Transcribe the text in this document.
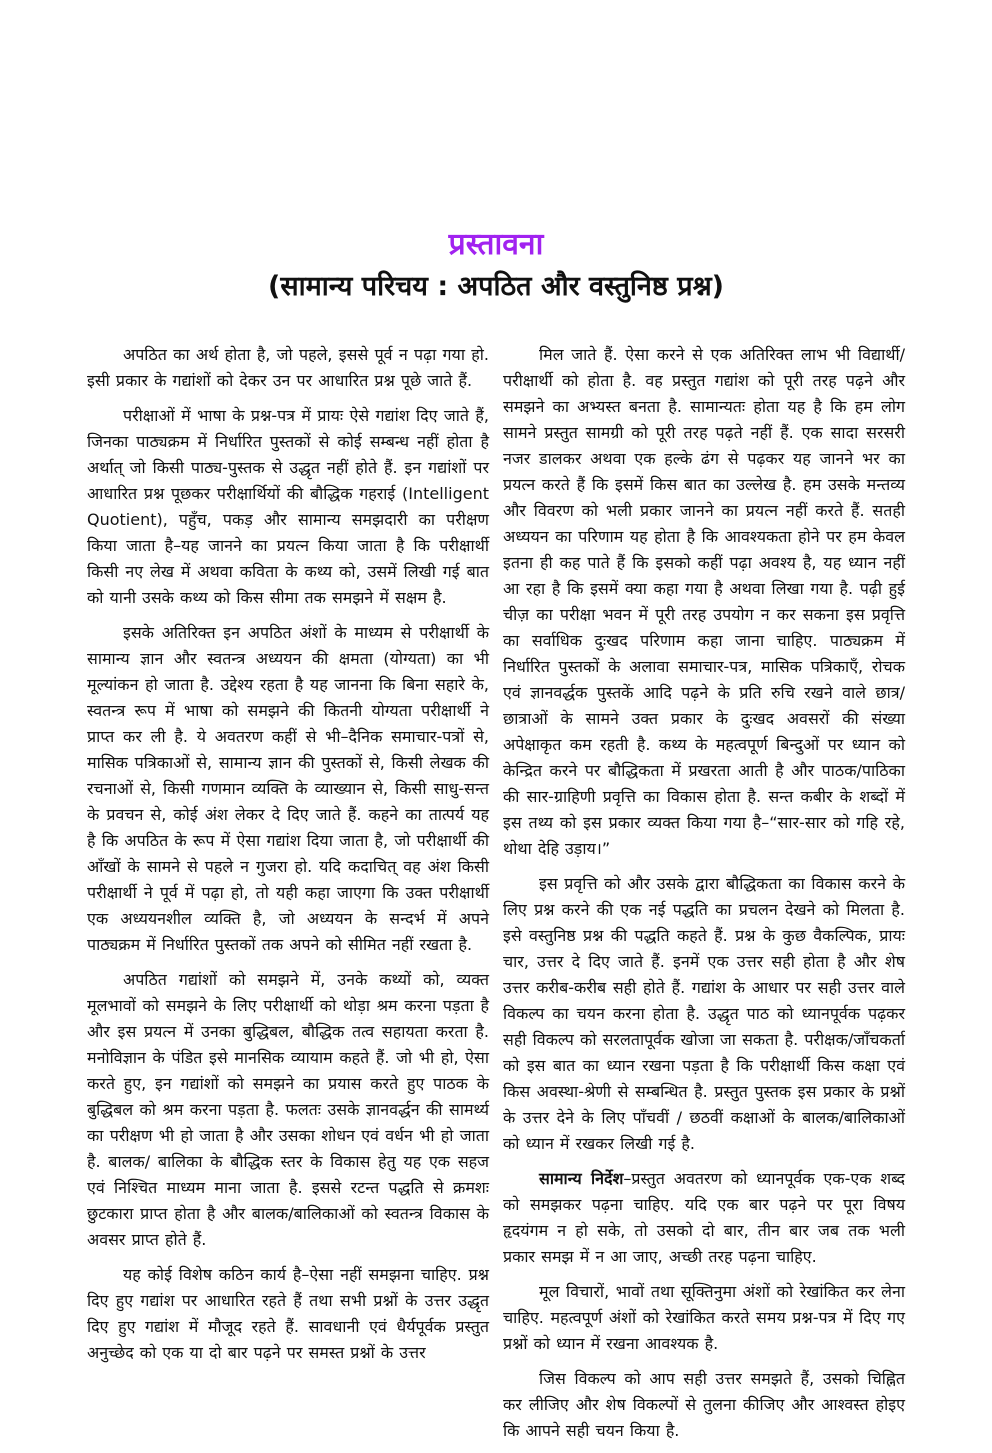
प्रस्तावना
(सामान्य परिचय : अपठित और वस्तुनिष्ठ प्रश्न)

अपठित का अर्थ होता है, जो पहले, इससे पूर्व न पढ़ा गया हो. इसी प्रकार के गद्यांशों को देकर उन पर आधारित प्रश्न पूछे जाते हैं.

परीक्षाओं में भाषा के प्रश्न-पत्र में प्रायः ऐसे गद्यांश दिए जाते हैं, जिनका पाठ्यक्रम में निर्धारित पुस्तकों से कोई सम्बन्ध नहीं होता है अर्थात् जो किसी पाठ्य-पुस्तक से उद्धृत नहीं होते हैं. इन गद्यांशों पर आधारित प्रश्न पूछकर परीक्षार्थियों की बौद्धिक गहराई (Intelligent Quotient), पहुँच, पकड़ और सामान्य समझदारी का परीक्षण किया जाता है–यह जानने का प्रयत्न किया जाता है कि परीक्षार्थी किसी नए लेख में अथवा कविता के कथ्य को, उसमें लिखी गई बात को यानी उसके कथ्य को किस सीमा तक समझने में सक्षम है.

इसके अतिरिक्त इन अपठित अंशों के माध्यम से परीक्षार्थी के सामान्य ज्ञान और स्वतन्त्र अध्ययन की क्षमता (योग्यता) का भी मूल्यांकन हो जाता है. उद्देश्य रहता है यह जानना कि बिना सहारे के, स्वतन्त्र रूप में भाषा को समझने की कितनी योग्यता परीक्षार्थी ने प्राप्त कर ली है. ये अवतरण कहीं से भी–दैनिक समाचार-पत्रों से, मासिक पत्रिकाओं से, सामान्य ज्ञान की पुस्तकों से, किसी लेखक की रचनाओं से, किसी गणमान व्यक्ति के व्याख्यान से, किसी साधु-सन्त के प्रवचन से, कोई अंश लेकर दे दिए जाते हैं. कहने का तात्पर्य यह है कि अपठित के रूप में ऐसा गद्यांश दिया जाता है, जो परीक्षार्थी की आँखों के सामने से पहले न गुजरा हो. यदि कदाचित् वह अंश किसी परीक्षार्थी ने पूर्व में पढ़ा हो, तो यही कहा जाएगा कि उक्त परीक्षार्थी एक अध्ययनशील व्यक्ति है, जो अध्ययन के सन्दर्भ में अपने पाठ्यक्रम में निर्धारित पुस्तकों तक अपने को सीमित नहीं रखता है.

अपठित गद्यांशों को समझने में, उनके कथ्यों को, व्यक्त मूलभावों को समझने के लिए परीक्षार्थी को थोड़ा श्रम करना पड़ता है और इस प्रयत्न में उनका बुद्धिबल, बौद्धिक तत्व सहायता करता है. मनोविज्ञान के पंडित इसे मानसिक व्यायाम कहते हैं. जो भी हो, ऐसा करते हुए, इन गद्यांशों को समझने का प्रयास करते हुए पाठक के बुद्धिबल को श्रम करना पड़ता है. फलतः उसके ज्ञानवर्द्धन की सामर्थ्य का परीक्षण भी हो जाता है और उसका शोधन एवं वर्धन भी हो जाता है. बालक/ बालिका के बौद्धिक स्तर के विकास हेतु यह एक सहज एवं निश्चित माध्यम माना जाता है. इससे रटन्त पद्धति से क्रमशः छुटकारा प्राप्त होता है और बालक/बालिकाओं को स्वतन्त्र विकास के अवसर प्राप्त होते हैं.

यह कोई विशेष कठिन कार्य है–ऐसा नहीं समझना चाहिए. प्रश्न दिए हुए गद्यांश पर आधारित रहते हैं तथा सभी प्रश्नों के उत्तर उद्धृत दिए हुए गद्यांश में मौजूद रहते हैं. सावधानी एवं धैर्यपूर्वक प्रस्तुत अनुच्छेद को एक या दो बार पढ़ने पर समस्त प्रश्नों के उत्तर

मिल जाते हैं. ऐसा करने से एक अतिरिक्त लाभ भी विद्यार्थी/ परीक्षार्थी को होता है. वह प्रस्तुत गद्यांश को पूरी तरह पढ़ने और समझने का अभ्यस्त बनता है. सामान्यतः होता यह है कि हम लोग सामने प्रस्तुत सामग्री को पूरी तरह पढ़ते नहीं हैं. एक सादा सरसरी नजर डालकर अथवा एक हल्के ढंग से पढ़कर यह जानने भर का प्रयत्न करते हैं कि इसमें किस बात का उल्लेख है. हम उसके मन्तव्य और विवरण को भली प्रकार जानने का प्रयत्न नहीं करते हैं. सतही अध्ययन का परिणाम यह होता है कि आवश्यकता होने पर हम केवल इतना ही कह पाते हैं कि इसको कहीं पढ़ा अवश्य है, यह ध्यान नहीं आ रहा है कि इसमें क्या कहा गया है अथवा लिखा गया है. पढ़ी हुई चीज़ का परीक्षा भवन में पूरी तरह उपयोग न कर सकना इस प्रवृत्ति का सर्वाधिक दुःखद परिणाम कहा जाना चाहिए. पाठ्यक्रम में निर्धारित पुस्तकों के अलावा समाचार-पत्र, मासिक पत्रिकाएँ, रोचक एवं ज्ञानवर्द्धक पुस्तकें आदि पढ़ने के प्रति रुचि रखने वाले छात्र/छात्राओं के सामने उक्त प्रकार के दुःखद अवसरों की संख्या अपेक्षाकृत कम रहती है. कथ्य के महत्वपूर्ण बिन्दुओं पर ध्यान को केन्द्रित करने पर बौद्धिकता में प्रखरता आती है और पाठक/पाठिका की सार-ग्राहिणी प्रवृत्ति का विकास होता है. सन्त कबीर के शब्दों में इस तथ्य को इस प्रकार व्यक्त किया गया है–“सार-सार को गहि रहे, थोथा देहि उड़ाय।”

इस प्रवृत्ति को और उसके द्वारा बौद्धिकता का विकास करने के लिए प्रश्न करने की एक नई पद्धति का प्रचलन देखने को मिलता है. इसे वस्तुनिष्ठ प्रश्न की पद्धति कहते हैं. प्रश्न के कुछ वैकल्पिक, प्रायः चार, उत्तर दे दिए जाते हैं. इनमें एक उत्तर सही होता है और शेष उत्तर करीब-करीब सही होते हैं. गद्यांश के आधार पर सही उत्तर वाले विकल्प का चयन करना होता है. उद्धृत पाठ को ध्यानपूर्वक पढ़कर सही विकल्प को सरलतापूर्वक खोजा जा सकता है. परीक्षक/जाँचकर्ता को इस बात का ध्यान रखना पड़ता है कि परीक्षार्थी किस कक्षा एवं किस अवस्था-श्रेणी से सम्बन्धित है. प्रस्तुत पुस्तक इस प्रकार के प्रश्नों के उत्तर देने के लिए पाँचवीं / छठवीं कक्षाओं के बालक/बालिकाओं को ध्यान में रखकर लिखी गई है.

सामान्य निर्देश–प्रस्तुत अवतरण को ध्यानपूर्वक एक-एक शब्द को समझकर पढ़ना चाहिए. यदि एक बार पढ़ने पर पूरा विषय हृदयंगम न हो सके, तो उसको दो बार, तीन बार जब तक भली प्रकार समझ में न आ जाए, अच्छी तरह पढ़ना चाहिए.

मूल विचारों, भावों तथा सूक्तिनुमा अंशों को रेखांकित कर लेना चाहिए. महत्वपूर्ण अंशों को रेखांकित करते समय प्रश्न-पत्र में दिए गए प्रश्नों को ध्यान में रखना आवश्यक है.

जिस विकल्प को आप सही उत्तर समझते हैं, उसको चिह्नित कर लीजिए और शेष विकल्पों से तुलना कीजिए और आश्वस्त होइए कि आपने सही चयन किया है.
